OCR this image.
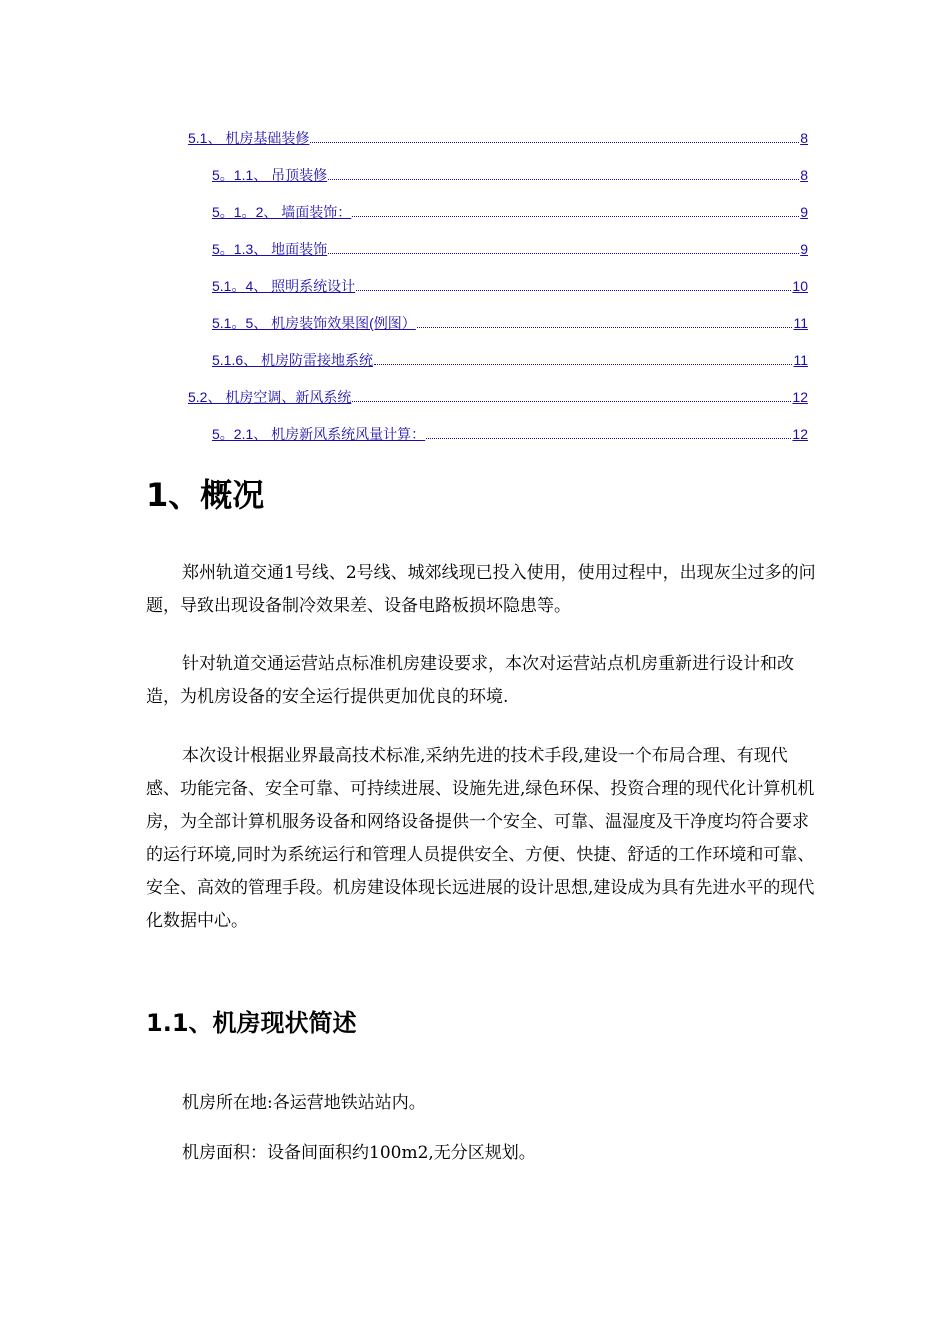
5.1、 机房基础装修	8
5。1.1、 吊顶装修	8
5。1。2、 墙面装饰：	9
5。1.3、 地面装饰	9
5.1。4、 照明系统设计	10
5.1。5、 机房装饰效果图(例图）	11
5.1.6、 机房防雷接地系统	11
5.2、 机房空调、新风系统	12
5。2.1、 机房新风系统风量计算：	12
1、概况

郑州轨道交通1号线、2号线、城郊线现已投入使用，使用过程中，出现灰尘过多的问题，导致出现设备制冷效果差、设备电路板损坏隐患等。

针对轨道交通运营站点标准机房建设要求，本次对运营站点机房重新进行设计和改造，为机房设备的安全运行提供更加优良的环境.

本次设计根据业界最高技术标准,采纳先进的技术手段,建设一个布局合理、有现代感、功能完备、安全可靠、可持续进展、设施先进,绿色环保、投资合理的现代化计算机机房，为全部计算机服务设备和网络设备提供一个安全、可靠、温湿度及干净度均符合要求的运行环境,同时为系统运行和管理人员提供安全、方便、快捷、舒适的工作环境和可靠、安全、高效的管理手段。机房建设体现长远进展的设计思想,建设成为具有先进水平的现代化数据中心。

1.1、机房现状简述
机房所在地:各运营地铁站站内。
机房面积：设备间面积约100m2,无分区规划。
